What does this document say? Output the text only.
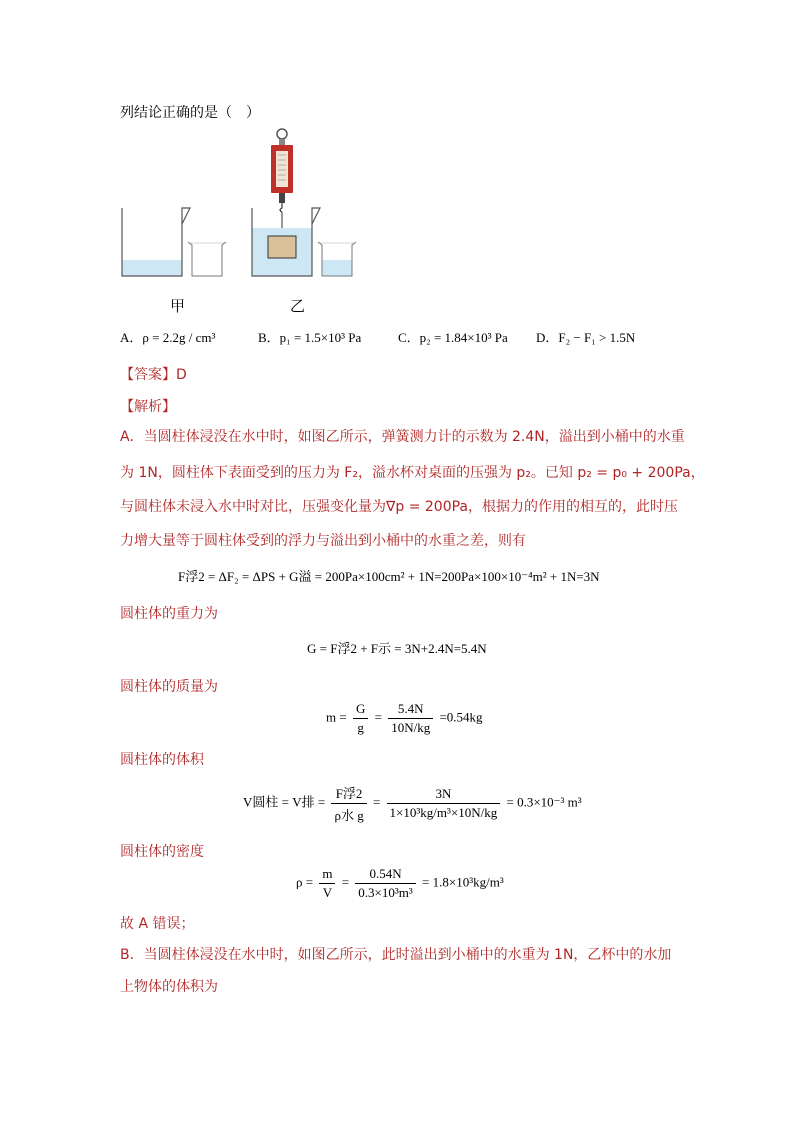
列结论正确的是（　）
甲	乙
A．ρ = 2.2g / cm³	B．p₁ = 1.5×10³ Pa	C．p₂ = 1.84×10³ Pa D．F₂ − F₁ > 1.5N
【答案】D
【解析】
A．当圆柱体浸没在水中时，如图乙所示，弹簧测力计的示数为 2.4N，溢出到小桶中的水重
为 1N，圆柱体下表面受到的压力为 F₂，溢水杯对桌面的压强为 p₂。已知 p₂ = p₀ + 200Pa，
与圆柱体未浸入水中时对比，压强变化量为∇p = 200Pa，根据力的作用的相互的，此时压
力增大量等于圆柱体受到的浮力与溢出到小桶中的水重之差，则有
F浮2 = ΔF₂ = ΔPS + G溢 = 200Pa×100cm² + 1N=200Pa×100×10⁻⁴m² + 1N=3N
圆柱体的重力为
G = F浮2 + F示 = 3N+2.4N=5.4N
圆柱体的质量为
$m = \frac{G}{g} = \frac{5.4N}{10N/kg} =0.54kg$
圆柱体的体积
V圆柱 = V排 = $\frac{\text{F浮2}}{\text{ρ水 g}} = \frac{3N}{\text{1×10³kg/m³×10N/kg}} = 0.3\times 10^{-3}$ m³
圆柱体的密度
$\rho = \frac{m}{V} = \frac{0.54N}{\text{0.3×10³m³}} = 1.8\times 10^3kg/m^3$
故 A 错误；
B．当圆柱体浸没在水中时，如图乙所示，此时溢出到小桶中的水重为 1N，乙杯中的水加
上物体的体积为
